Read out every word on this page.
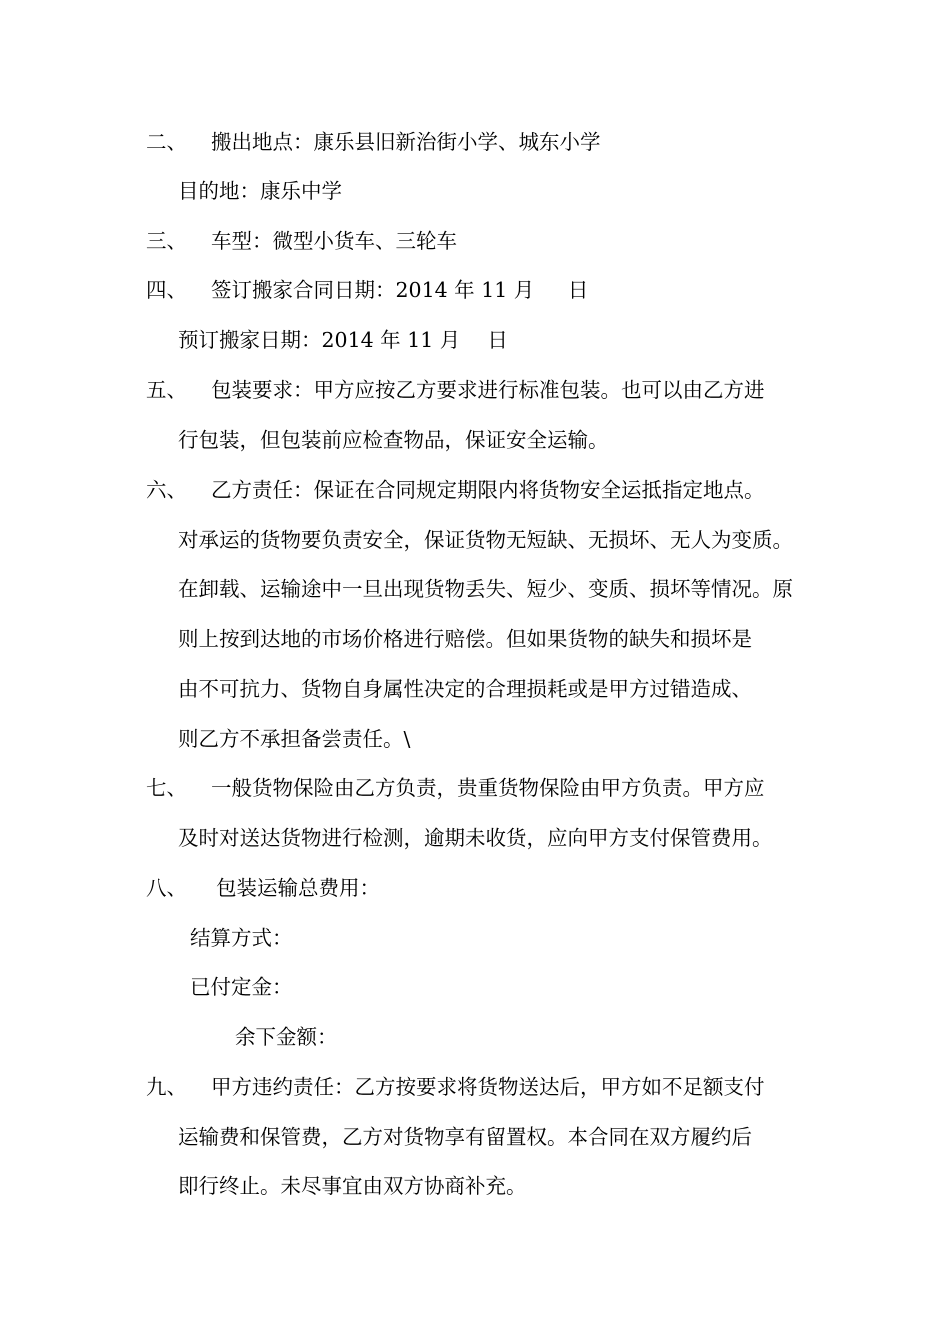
二、 搬出地点：康乐县旧新治街小学、城东小学
目的地：康乐中学
三、 车型：微型小货车、三轮车
四、 签订搬家合同日期：2014 年 11 月 　 日
预订搬家日期：2014 年 11 月 　日
五、 包装要求：甲方应按乙方要求进行标准包装。也可以由乙方进
行包装，但包装前应检查物品，保证安全运输。
六、 乙方责任：保证在合同规定期限内将货物安全运抵指定地点。
对承运的货物要负责安全，保证货物无短缺、无损坏、无人为变质。
在卸载、运输途中一旦出现货物丢失、短少、变质、损坏等情况。原
则上按到达地的市场价格进行赔偿。但如果货物的缺失和损坏是
由不可抗力、货物自身属性决定的合理损耗或是甲方过错造成、
则乙方不承担备尝责任。\
七、 一般货物保险由乙方负责，贵重货物保险由甲方负责。甲方应
及时对送达货物进行检测，逾期未收货，应向甲方支付保管费用。
八、 包装运输总费用：
结算方式：
已付定金：
余下金额：
九、 甲方违约责任：乙方按要求将货物送达后，甲方如不足额支付
运输费和保管费，乙方对货物享有留置权。本合同在双方履约后
即行终止。未尽事宜由双方协商补充。
